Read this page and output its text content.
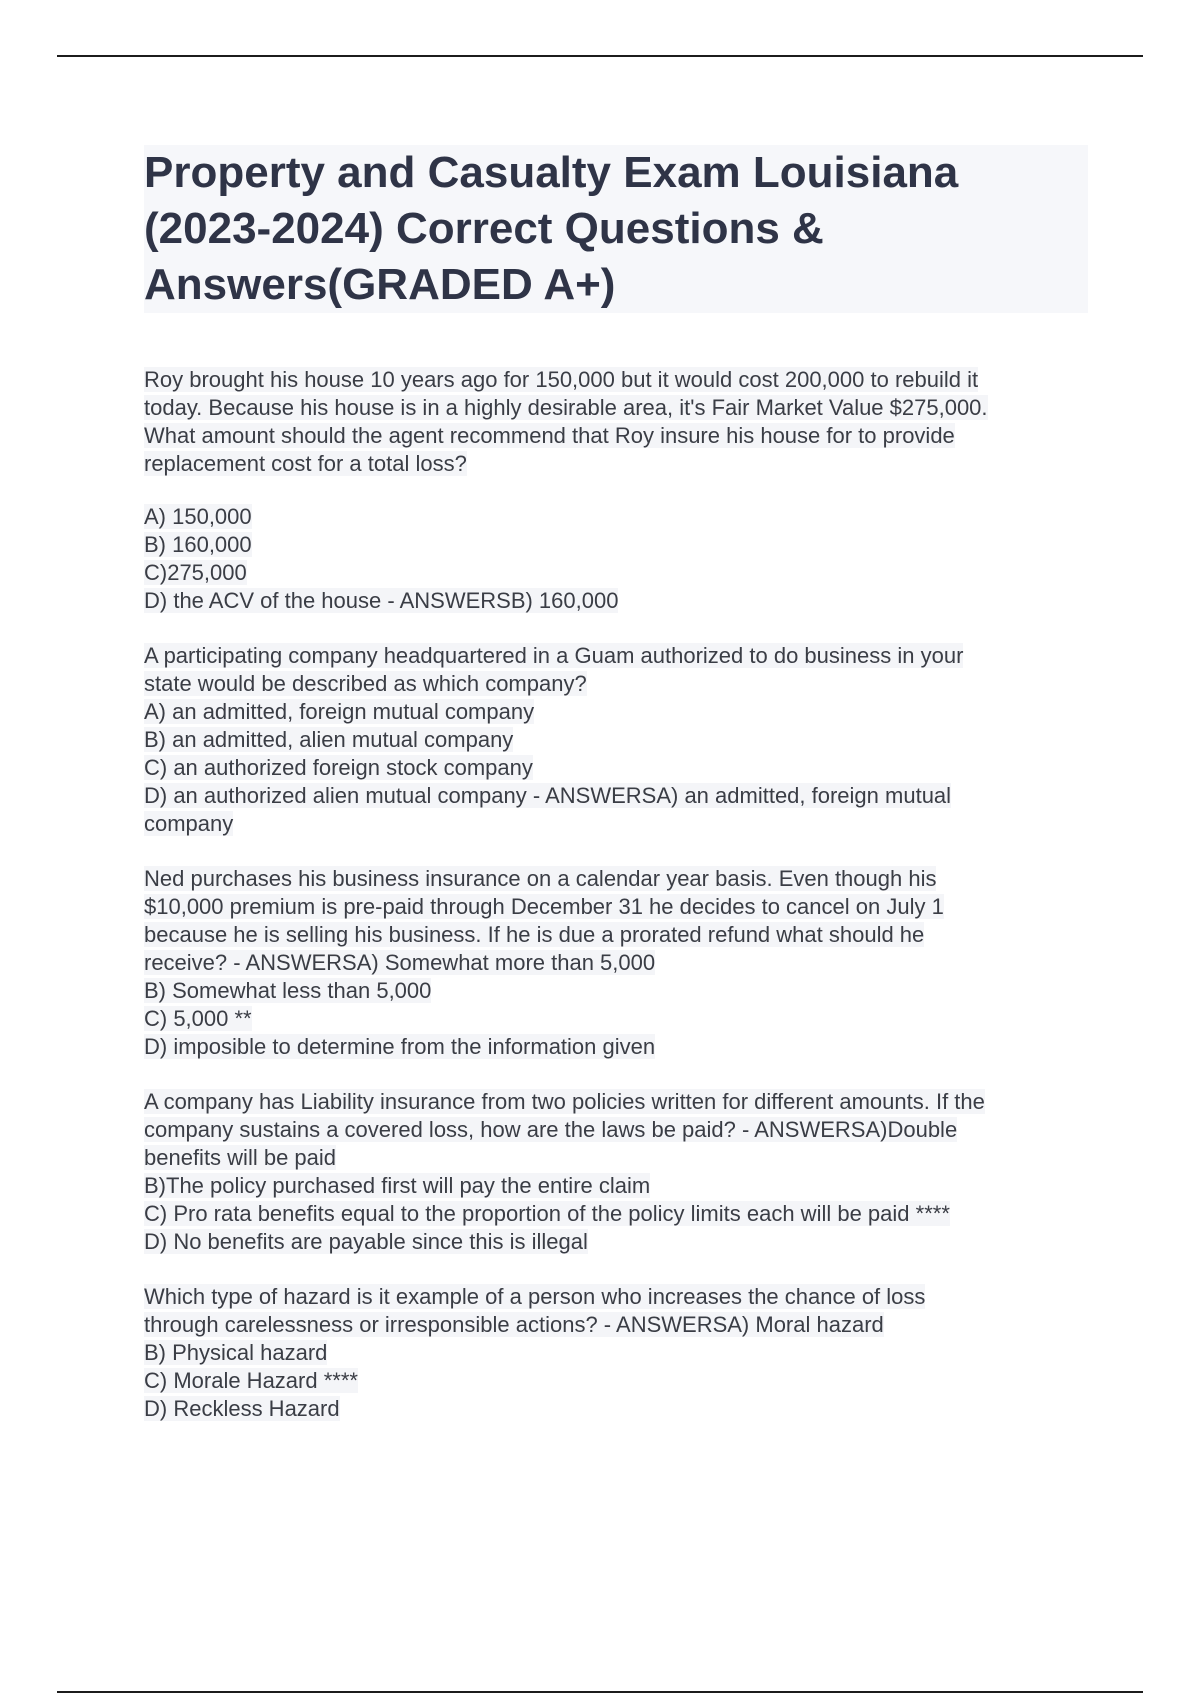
Property and Casualty Exam Louisiana
(2023-2024) Correct Questions &
Answers(GRADED A+)
Roy brought his house 10 years ago for 150,000 but it would cost 200,000 to rebuild it
today. Because his house is in a highly desirable area, it's Fair Market Value $275,000.
What amount should the agent recommend that Roy insure his house for to provide
replacement cost for a total loss?
A) 150,000
B) 160,000
C)275,000
D) the ACV of the house - ANSWERSB) 160,000
A participating company headquartered in a Guam authorized to do business in your
state would be described as which company?
A) an admitted, foreign mutual company
B) an admitted, alien mutual company
C) an authorized foreign stock company
D) an authorized alien mutual company - ANSWERSA) an admitted, foreign mutual
company
Ned purchases his business insurance on a calendar year basis. Even though his
$10,000 premium is pre-paid through December 31 he decides to cancel on July 1
because he is selling his business. If he is due a prorated refund what should he
receive? - ANSWERSA) Somewhat more than 5,000
B) Somewhat less than 5,000
C) 5,000 **
D) imposible to determine from the information given
A company has Liability insurance from two policies written for different amounts. If the
company sustains a covered loss, how are the laws be paid? - ANSWERSA)Double
benefits will be paid
B)The policy purchased first will pay the entire claim
C) Pro rata benefits equal to the proportion of the policy limits each will be paid ****
D) No benefits are payable since this is illegal
Which type of hazard is it example of a person who increases the chance of loss
through carelessness or irresponsible actions? - ANSWERSA) Moral hazard
B) Physical hazard
C) Morale Hazard ****
D) Reckless Hazard
